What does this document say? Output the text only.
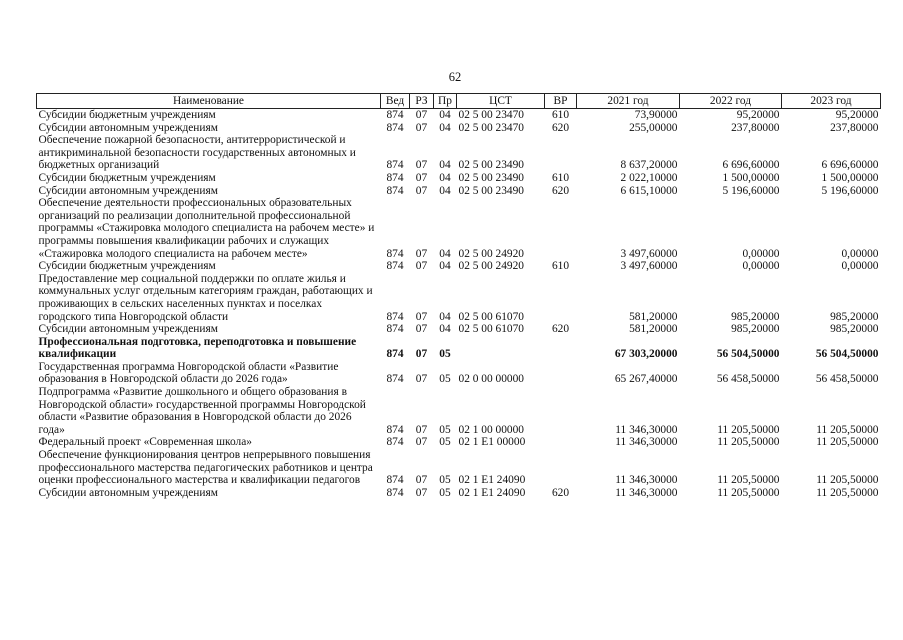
62
Наименование	Вед	РЗ	Пр	ЦСТ	ВР	2021 год	2022 год	2023 год
Субсидии бюджетным учреждениям	874	07	04	02 5 00 23470	610	73,90000	95,20000	95,20000
Субсидии автономным учреждениям	874	07	04	02 5 00 23470	620	255,00000	237,80000	237,80000
Обеспечение пожарной безопасности, антитеррористической и антикриминальной безопасности государственных автономных и бюджетных организаций	874	07	04	02 5 00 23490		8 637,20000	6 696,60000	6 696,60000
Субсидии бюджетным учреждениям	874	07	04	02 5 00 23490	610	2 022,10000	1 500,00000	1 500,00000
Субсидии автономным учреждениям	874	07	04	02 5 00 23490	620	6 615,10000	5 196,60000	5 196,60000
Обеспечение деятельности профессиональных образовательных организаций по реализации дополнительной профессиональной программы «Стажировка молодого специалиста на рабочем месте» и программы повышения квалификации рабочих и служащих «Стажировка молодого специалиста на рабочем месте»	874	07	04	02 5 00 24920		3 497,60000	0,00000	0,00000
Субсидии бюджетным учреждениям	874	07	04	02 5 00 24920	610	3 497,60000	0,00000	0,00000
Предоставление мер социальной поддержки по оплате жилья и коммунальных услуг отдельным категориям граждан, работающих и проживающих в сельских населенных пунктах и поселках городского типа Новгородской области	874	07	04	02 5 00 61070		581,20000	985,20000	985,20000
Субсидии автономным учреждениям	874	07	04	02 5 00 61070	620	581,20000	985,20000	985,20000
Профессиональная подготовка, переподготовка и повышение квалификации	874	07	05			67 303,20000	56 504,50000	56 504,50000
Государственная программа Новгородской области «Развитие образования в Новгородской области до 2026 года»	874	07	05	02 0 00 00000		65 267,40000	56 458,50000	56 458,50000
Подпрограмма «Развитие дошкольного и общего образования в Новгородской области» государственной программы Новгородской области «Развитие образования в Новгородской области до 2026 года»	874	07	05	02 1 00 00000		11 346,30000	11 205,50000	11 205,50000
Федеральный проект «Современная школа»	874	07	05	02 1 E1 00000		11 346,30000	11 205,50000	11 205,50000
Обеспечение функционирования центров непрерывного повышения профессионального мастерства педагогических работников и центра оценки профессионального мастерства и квалификации педагогов	874	07	05	02 1 E1 24090		11 346,30000	11 205,50000	11 205,50000
Субсидии автономным учреждениям	874	07	05	02 1 E1 24090	620	11 346,30000	11 205,50000	11 205,50000
